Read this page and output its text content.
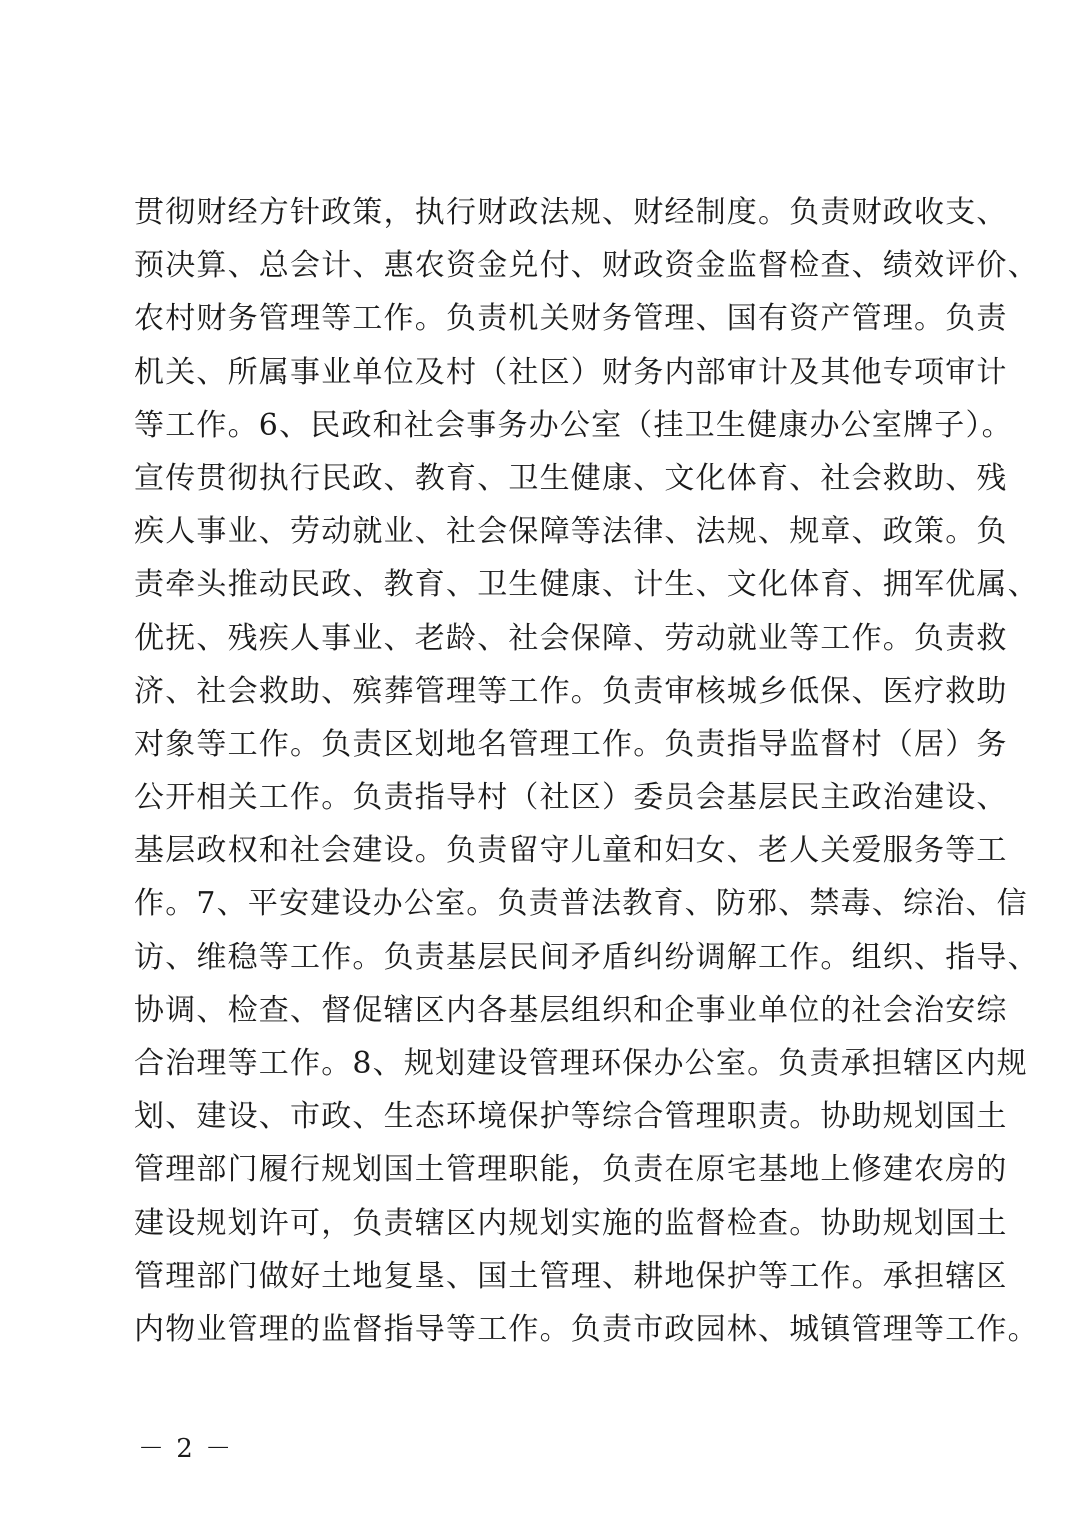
贯彻财经方针政策，执行财政法规、财经制度。负责财政收支、
预决算、总会计、惠农资金兑付、财政资金监督检查、绩效评价、
农村财务管理等工作。负责机关财务管理、国有资产管理。负责
机关、所属事业单位及村（社区）财务内部审计及其他专项审计
等工作。6、民政和社会事务办公室（挂卫生健康办公室牌子）。
宣传贯彻执行民政、教育、卫生健康、文化体育、社会救助、残
疾人事业、劳动就业、社会保障等法律、法规、规章、政策。负
责牵头推动民政、教育、卫生健康、计生、文化体育、拥军优属、
优抚、残疾人事业、老龄、社会保障、劳动就业等工作。负责救
济、社会救助、殡葬管理等工作。负责审核城乡低保、医疗救助
对象等工作。负责区划地名管理工作。负责指导监督村（居）务
公开相关工作。负责指导村（社区）委员会基层民主政治建设、
基层政权和社会建设。负责留守儿童和妇女、老人关爱服务等工
作。7、平安建设办公室。负责普法教育、防邪、禁毒、综治、信
访、维稳等工作。负责基层民间矛盾纠纷调解工作。组织、指导、
协调、检查、督促辖区内各基层组织和企事业单位的社会治安综
合治理等工作。8、规划建设管理环保办公室。负责承担辖区内规
划、建设、市政、生态环境保护等综合管理职责。协助规划国土
管理部门履行规划国土管理职能，负责在原宅基地上修建农房的
建设规划许可，负责辖区内规划实施的监督检查。协助规划国土
管理部门做好土地复垦、国土管理、耕地保护等工作。承担辖区
内物业管理的监督指导等工作。负责市政园林、城镇管理等工作。
－ 2 －
